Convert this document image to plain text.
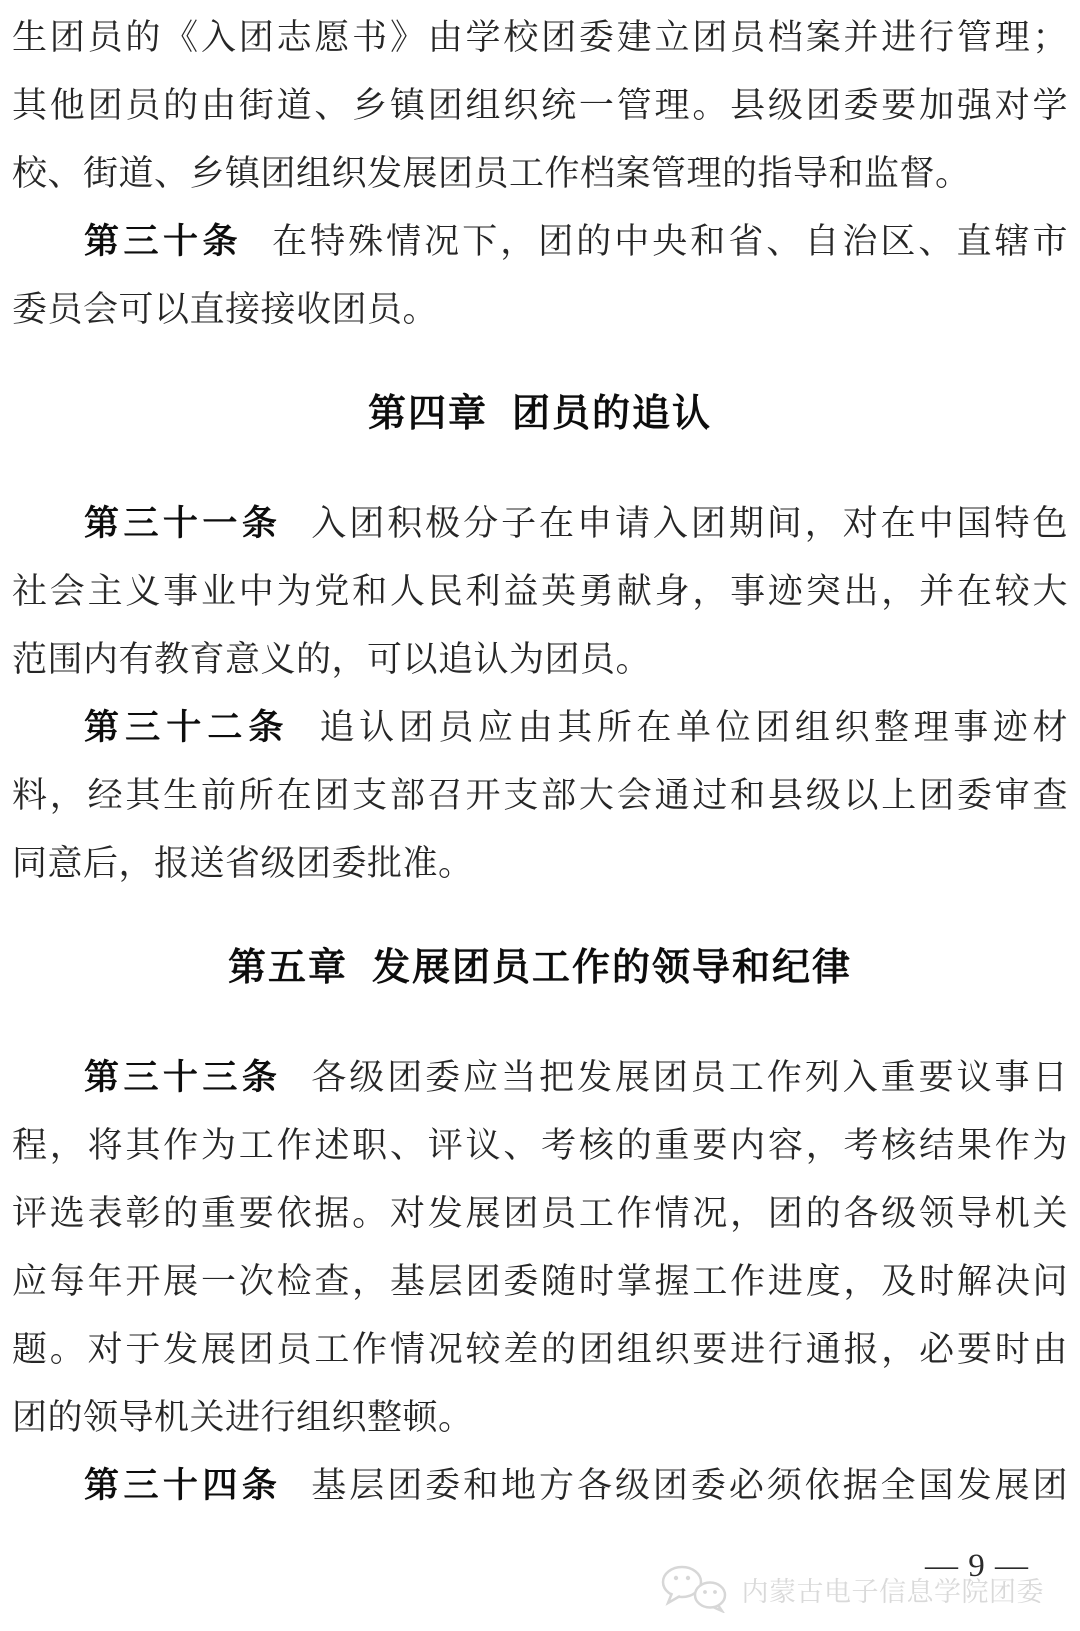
生团员的《入团志愿书》由学校团委建立团员档案并进行管理；
其他团员的由街道、乡镇团组织统一管理。县级团委要加强对学
校、街道、乡镇团组织发展团员工作档案管理的指导和监督。
第三十条 在特殊情况下，团的中央和省、自治区、直辖市
委员会可以直接接收团员。
第四章 团员的追认
第三十一条 入团积极分子在申请入团期间，对在中国特色
社会主义事业中为党和人民利益英勇献身，事迹突出，并在较大
范围内有教育意义的，可以追认为团员。
第三十二条 追认团员应由其所在单位团组织整理事迹材
料，经其生前所在团支部召开支部大会通过和县级以上团委审查
同意后，报送省级团委批准。
第五章 发展团员工作的领导和纪律
第三十三条 各级团委应当把发展团员工作列入重要议事日
程，将其作为工作述职、评议、考核的重要内容，考核结果作为
评选表彰的重要依据。对发展团员工作情况，团的各级领导机关
应每年开展一次检查，基层团委随时掌握工作进度，及时解决问
题。对于发展团员工作情况较差的团组织要进行通报，必要时由
团的领导机关进行组织整顿。
第三十四条 基层团委和地方各级团委必须依据全国发展团
内蒙古电子信息学院团委
— 9 —
